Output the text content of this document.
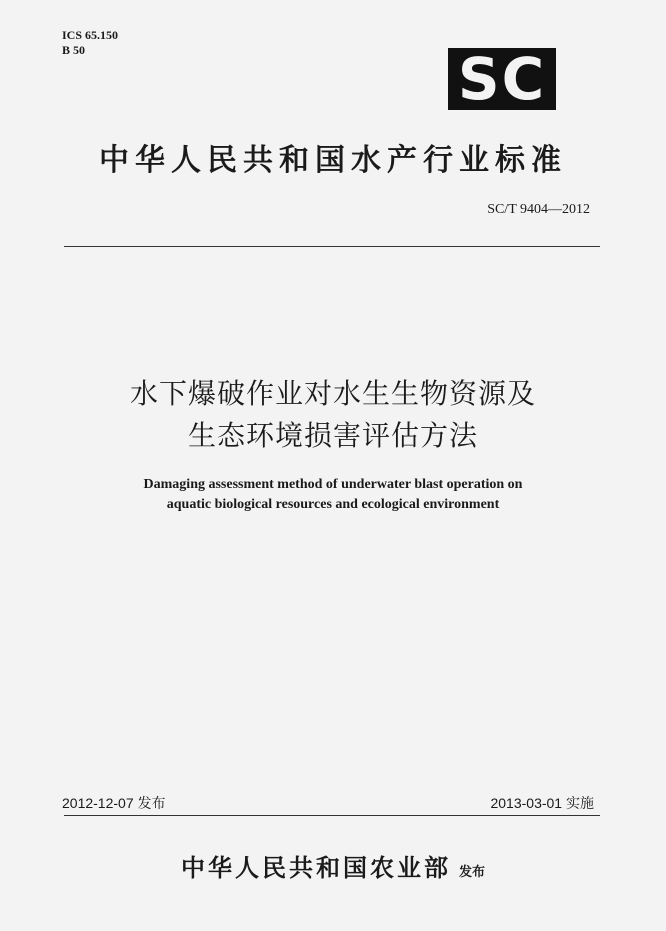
ICS 65.150
B 50	SC
中华人民共和国水产行业标准
SC/T 9404—2012
水下爆破作业对水生生物资源及
生态环境损害评估方法
Damaging assessment method of underwater blast operation on
aquatic biological resources and ecological environment
2012-12-07 发布	2013-03-01 实施
中华人民共和国农业部 发布
